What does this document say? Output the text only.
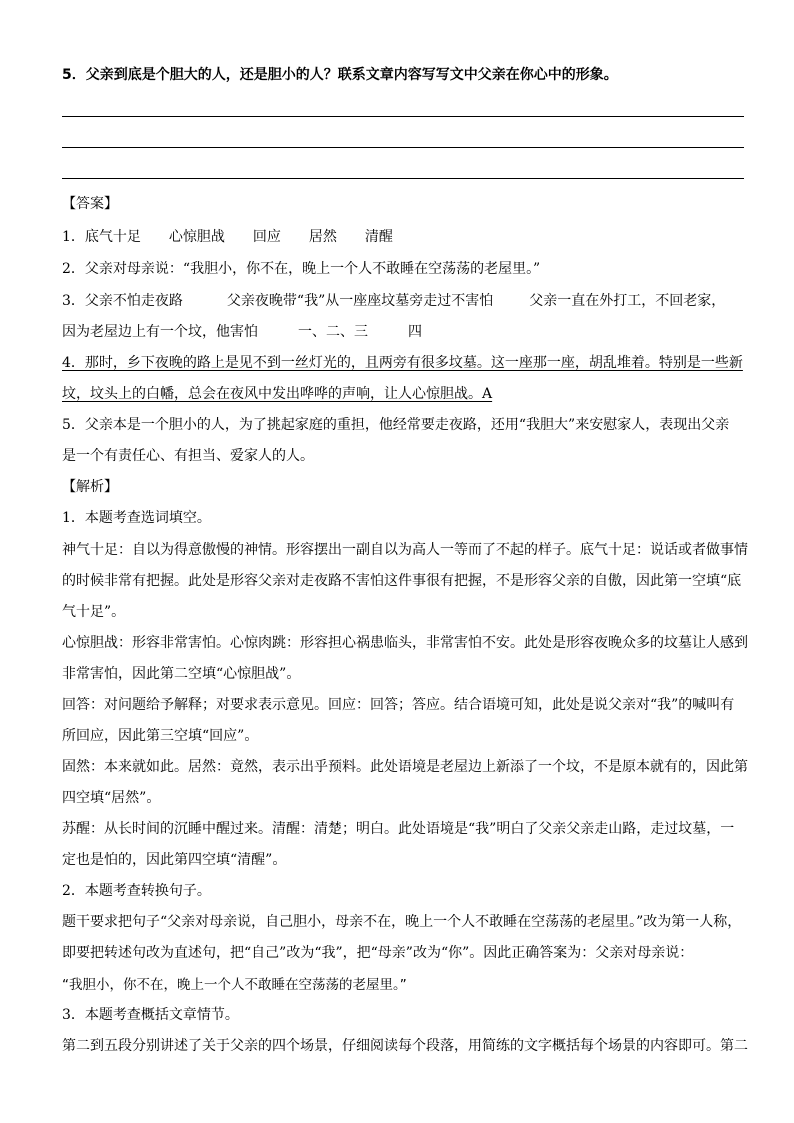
5．父亲到底是个胆大的人，还是胆小的人？联系文章内容写写文中父亲在你心中的形象。
【答案】
1．底气十足 心惊胆战 回应 居然 清醒
2．父亲对母亲说：“我胆小，你不在，晚上一个人不敢睡在空荡荡的老屋里。”
3．父亲不怕走夜路	父亲夜晚带“我”从一座座坟墓旁走过不害怕	父亲一直在外打工，不回老家，
因为老屋边上有一个坟，他害怕	一、二、三	四
4．那时，乡下夜晚的路上是见不到一丝灯光的，且两旁有很多坟墓。这一座那一座，胡乱堆着。特别是一些新
坟，坟头上的白幡，总会在夜风中发出哗哗的声响，让人心惊胆战。A
5．父亲本是一个胆小的人，为了挑起家庭的重担，他经常要走夜路，还用“我胆大”来安慰家人，表现出父亲
是一个有责任心、有担当、爱家人的人。
【解析】
1．本题考查选词填空。
神气十足：自以为得意傲慢的神情。形容摆出一副自以为高人一等而了不起的样子。底气十足：说话或者做事情
的时候非常有把握。此处是形容父亲对走夜路不害怕这件事很有把握，不是形容父亲的自傲，因此第一空填“底
气十足”。
心惊胆战：形容非常害怕。心惊肉跳：形容担心祸患临头，非常害怕不安。此处是形容夜晚众多的坟墓让人感到
非常害怕，因此第二空填“心惊胆战”。
回答：对问题给予解释；对要求表示意见。回应：回答；答应。结合语境可知，此处是说父亲对“我”的喊叫有
所回应，因此第三空填“回应”。
固然：本来就如此。居然：竟然，表示出乎预料。此处语境是老屋边上新添了一个坟，不是原本就有的，因此第
四空填“居然”。
苏醒：从长时间的沉睡中醒过来。清醒：清楚；明白。此处语境是“我”明白了父亲父亲走山路，走过坟墓，一
定也是怕的，因此第四空填“清醒”。
2．本题考查转换句子。
题干要求把句子“父亲对母亲说，自己胆小，母亲不在，晚上一个人不敢睡在空荡荡的老屋里。”改为第一人称，
即要把转述句改为直述句，把“自己”改为“我”，把“母亲”改为“你”。因此正确答案为：父亲对母亲说：
“我胆小，你不在，晚上一个人不敢睡在空荡荡的老屋里。”
3．本题考查概括文章情节。
第二到五段分别讲述了关于父亲的四个场景，仔细阅读每个段落，用简练的文字概括每个场景的内容即可。第二
